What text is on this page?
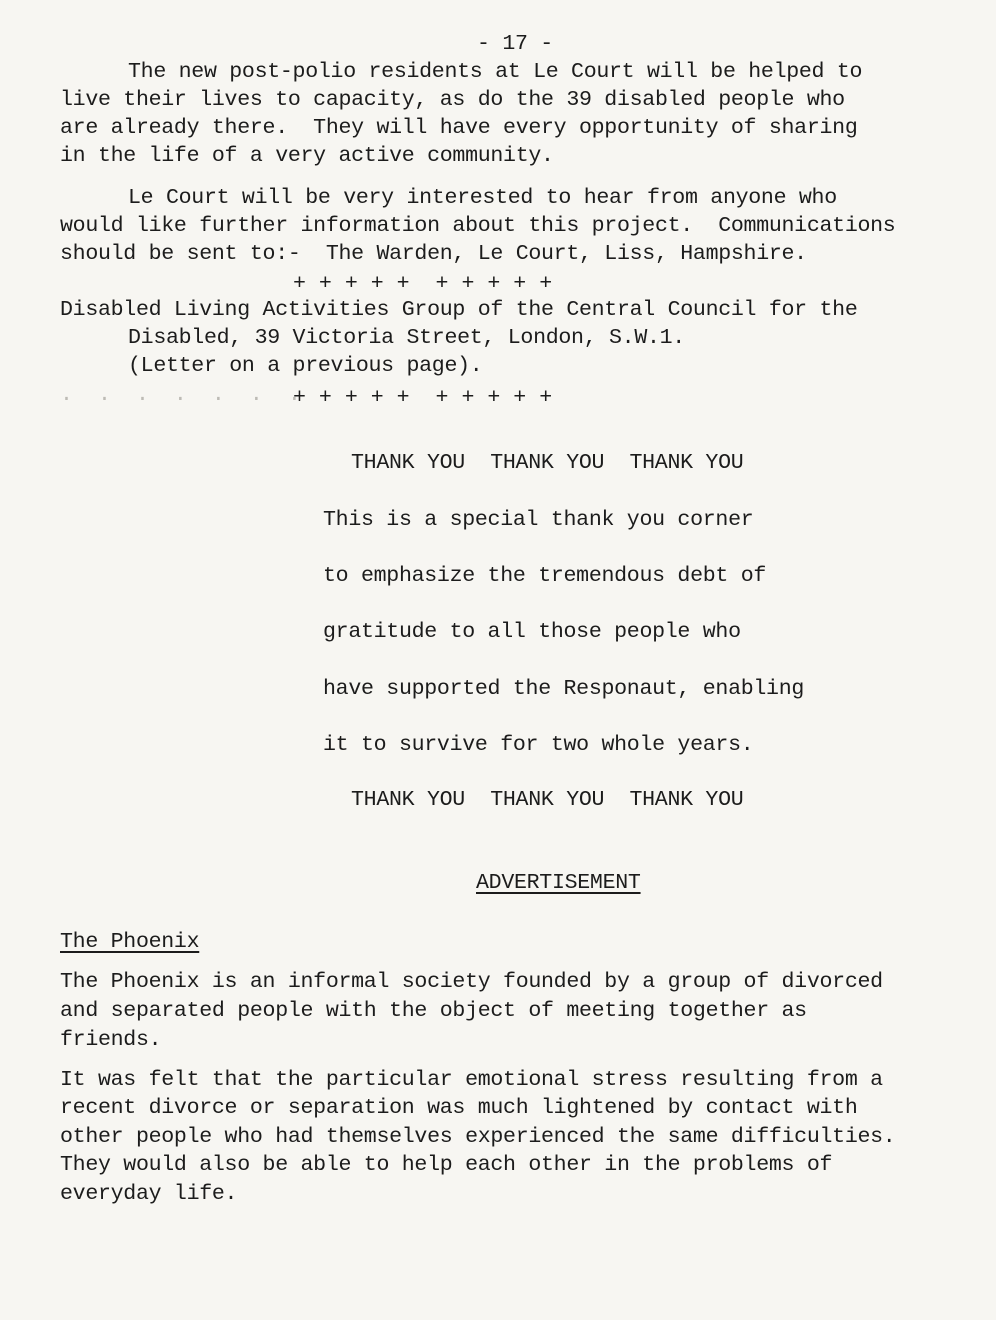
- 17 -
The new post-polio residents at Le Court will be helped to
live their lives to capacity, as do the 39 disabled people who
are already there.  They will have every opportunity of sharing
in the life of a very active community.
Le Court will be very interested to hear from anyone who
would like further information about this project.  Communications
should be sent to:-  The Warden, Le Court, Liss, Hampshire.
+ + + + +  + + + + +
Disabled Living Activities Group of the Central Council for the
Disabled, 39 Victoria Street, London, S.W.1.
(Letter on a previous page).
.  .  .  .  .  .  .
+ + + + +  + + + + +
THANK YOU  THANK YOU  THANK YOU
This is a special thank you corner
to emphasize the tremendous debt of
gratitude to all those people who
have supported the Responaut, enabling
it to survive for two whole years.
THANK YOU  THANK YOU  THANK YOU
ADVERTISEMENT
The Phoenix
The Phoenix is an informal society founded by a group of divorced
and separated people with the object of meeting together as
friends.
It was felt that the particular emotional stress resulting from a
recent divorce or separation was much lightened by contact with
other people who had themselves experienced the same difficulties.
They would also be able to help each other in the problems of
everyday life.
